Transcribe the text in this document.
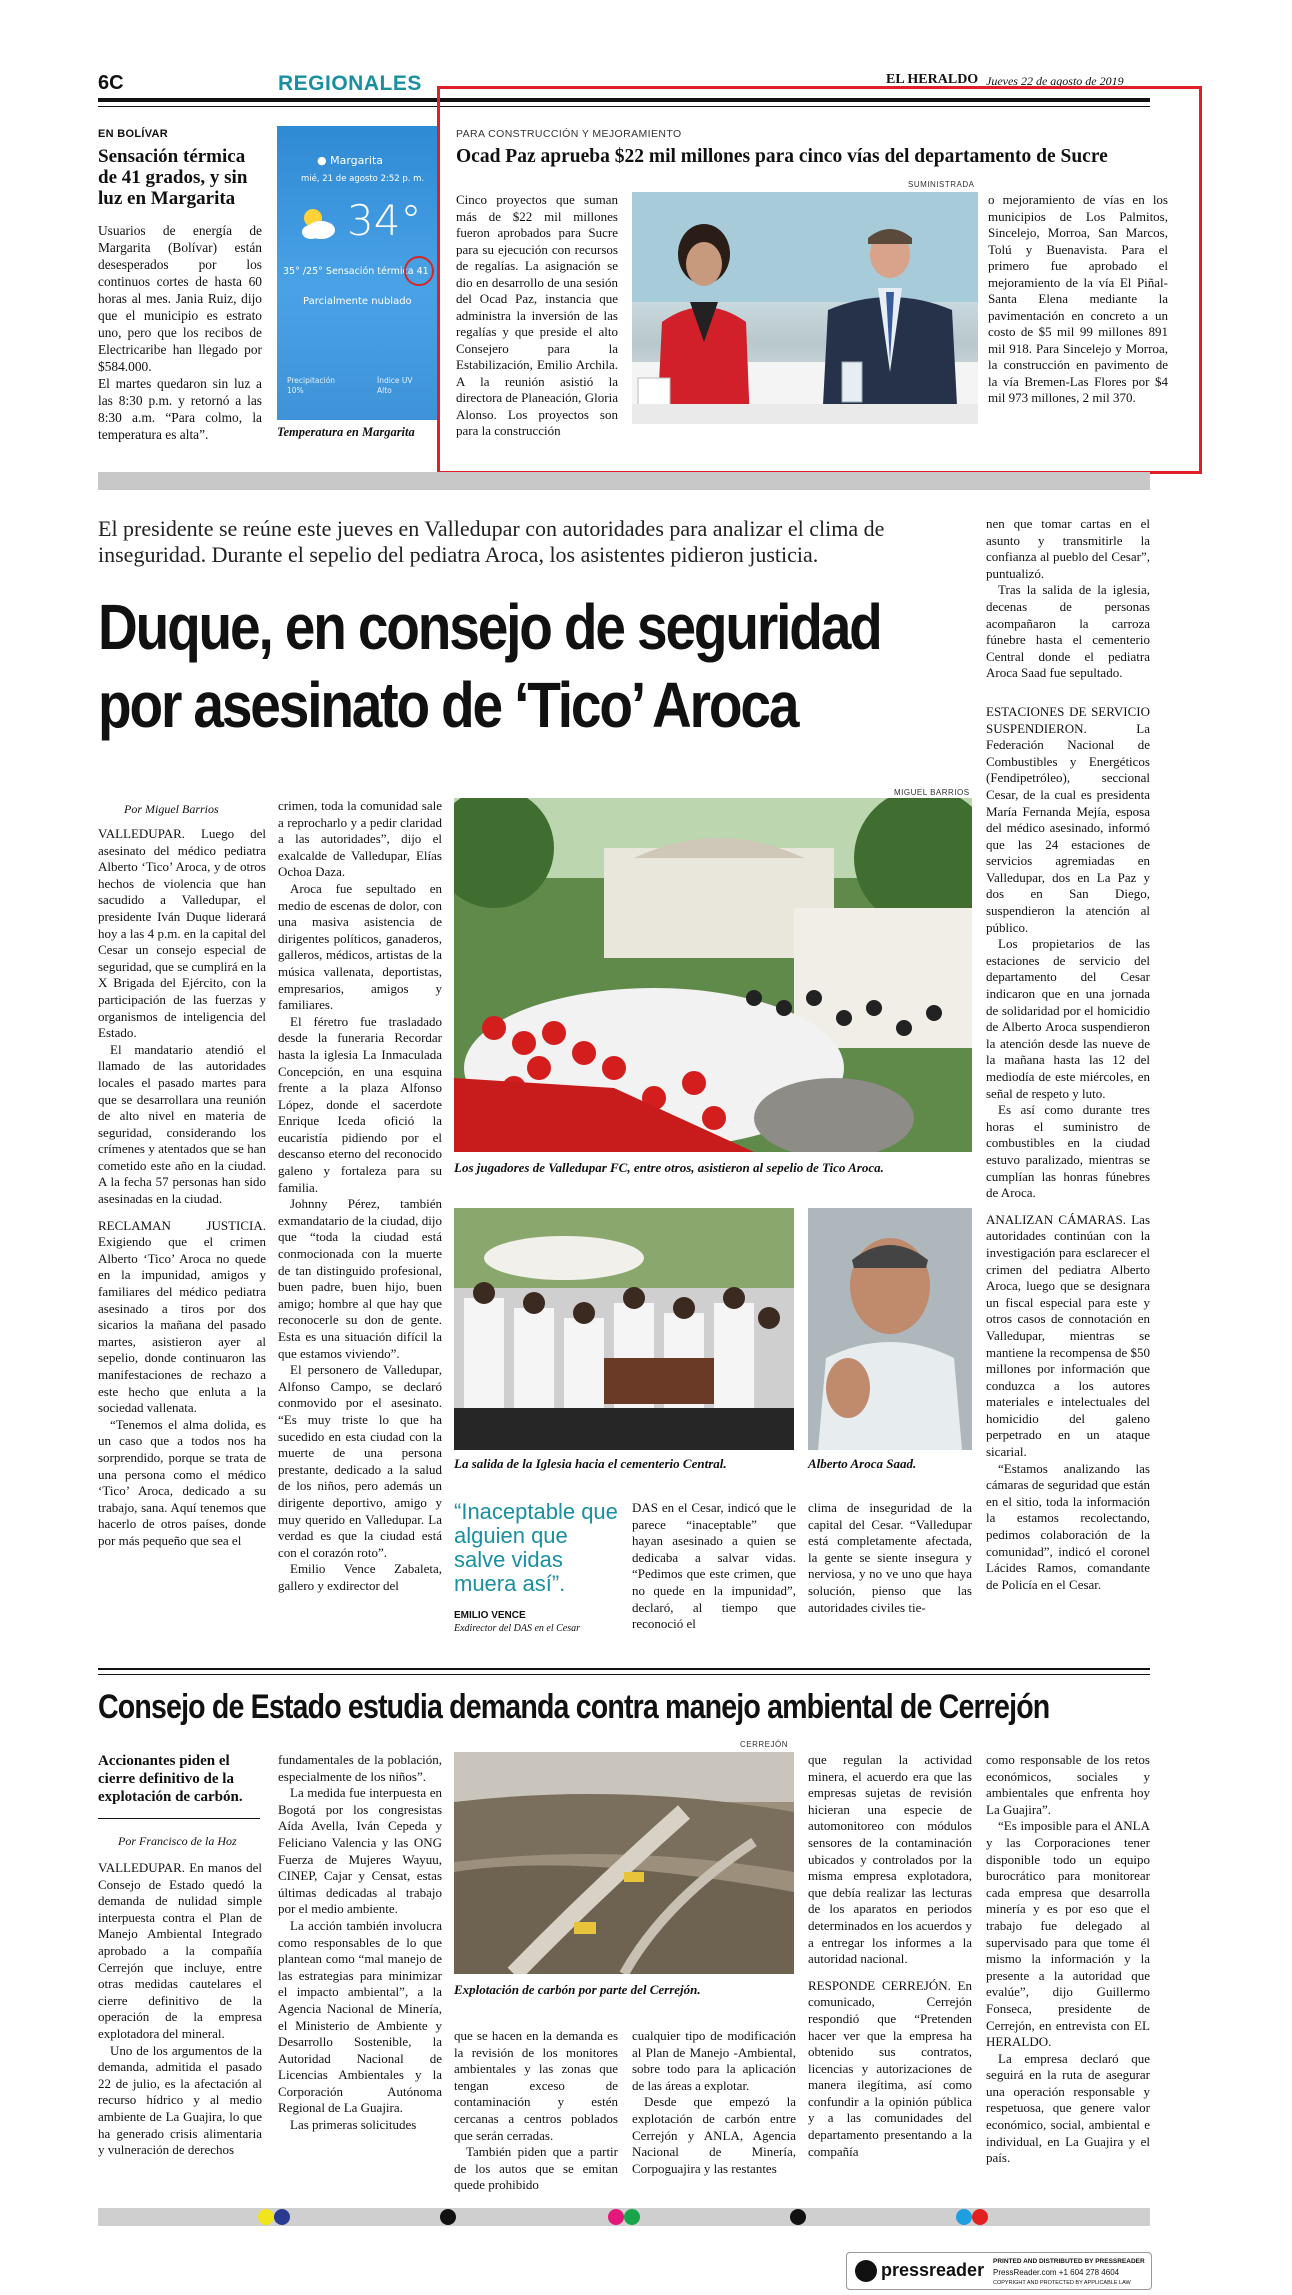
6C	REGIONALES	EL HERALDO Jueves 22 de agosto de 2019
EN BOLÍVAR
Sensación térmica de 41 grados, y sin luz en Margarita

Usuarios de energía de Margarita (Bolívar) están desesperados por los continuos cortes de hasta 60 horas al mes. Jania Ruiz, dijo que el municipio es estrato uno, pero que los recibos de Electricaribe han llegado por $584.000.

El martes quedaron sin luz a las 8:30 p.m. y retornó a las 8:30 a.m. “Para colmo, la temperatura es alta”.

● Margarita
mié, 21 de agosto 2:52 p. m.
34°
35° /25° Sensación térmica 41
Parcialmente nublado
Precipitación
10%
Índice UV
Alto
Temperatura en Margarita
PARA CONSTRUCCIÓN Y MEJORAMIENTO
Ocad Paz aprueba $22 mil millones para cinco vías del departamento de Sucre
SUMINISTRADA

Cinco proyectos que suman más de $22 mil millones fueron aprobados para Sucre para su ejecución con recursos de regalías. La asignación se dio en desarrollo de una sesión del Ocad Paz, instancia que administra la inversión de las regalías y que preside el alto Consejero para la Estabilización, Emilio Archila. A la reunión asistió la directora de Planeación, Gloria Alonso. Los proyectos son para la construcción

o mejoramiento de vías en los municipios de Los Palmitos, Sincelejo, Morroa, San Marcos, Tolú y Buenavista. Para el primero fue aprobado el mejoramiento de la vía El Piñal-Santa Elena mediante la pavimentación en concreto a un costo de $5 mil 99 millones 891 mil 918. Para Sincelejo y Morroa, la construcción en pavimento de la vía Bremen-Las Flores por $4 mil 973 millones, 2 mil 370.

El presidente se reúne este jueves en Valledupar con autoridades para analizar el clima de inseguridad. Durante el sepelio del pediatra Aroca, los asistentes pidieron justicia.
Duque, en consejo de seguridad
por asesinato de ‘Tico’ Aroca
Por Miguel Barrios

VALLEDUPAR. Luego del asesinato del médico pediatra Alberto ‘Tico’ Aroca, y de otros hechos de violencia que han sacudido a Valledupar, el presidente Iván Duque liderará hoy a las 4 p.m. en la capital del Cesar un consejo especial de seguridad, que se cumplirá en la X Brigada del Ejército, con la participación de las fuerzas y organismos de inteligencia del Estado.

El mandatario atendió el llamado de las autoridades locales el pasado martes para que se desarrollara una reunión de alto nivel en materia de seguridad, considerando los crímenes y atentados que se han cometido este año en la ciudad. A la fecha 57 personas han sido asesinadas en la ciudad.

RECLAMAN JUSTICIA. Exigiendo que el crimen Alberto ‘Tico’ Aroca no quede en la impunidad, amigos y familiares del médico pediatra asesinado a tiros por dos sicarios la mañana del pasado martes, asistieron ayer al sepelio, donde continuaron las manifestaciones de rechazo a este hecho que enluta a la sociedad vallenata.

“Tenemos el alma dolida, es un caso que a todos nos ha sorprendido, porque se trata de una persona como el médico ‘Tico’ Aroca, dedicado a su trabajo, sana. Aquí tenemos que hacerlo de otros países, donde por más pequeño que sea el

crimen, toda la comunidad sale a reprocharlo y a pedir claridad a las autoridades”, dijo el exalcalde de Valledupar, Elías Ochoa Daza.

Aroca fue sepultado en medio de escenas de dolor, con una masiva asistencia de dirigentes políticos, ganaderos, galleros, médicos, artistas de la música vallenata, deportistas, empresarios, amigos y familiares.

El féretro fue trasladado desde la funeraria Recordar hasta la iglesia La Inmaculada Concepción, en una esquina frente a la plaza Alfonso López, donde el sacerdote Enrique Iceda ofició la eucaristía pidiendo por el descanso eterno del reconocido galeno y fortaleza para su familia.

Johnny Pérez, también exmandatario de la ciudad, dijo que “toda la ciudad está conmocionada con la muerte de tan distinguido profesional, buen padre, buen hijo, buen amigo; hombre al que hay que reconocerle su don de gente. Esta es una situación difícil la que estamos viviendo”.

El personero de Valledupar, Alfonso Campo, se declaró conmovido por el asesinato. “Es muy triste lo que ha sucedido en esta ciudad con la muerte de una persona prestante, dedicado a la salud de los niños, pero además un dirigente deportivo, amigo y muy querido en Valledupar. La verdad es que la ciudad está con el corazón roto”.

Emilio Vence Zabaleta, gallero y exdirector del

MIGUEL BARRIOS
Los jugadores de Valledupar FC, entre otros, asistieron al sepelio de Tico Aroca.
La salida de la Iglesia hacia el cementerio Central.	Alberto Aroca Saad.
“Inaceptable que alguien que salve vidas muera así”.
EMILIO VENCE
Exdirector del DAS en el Cesar

DAS en el Cesar, indicó que le parece “inaceptable” que hayan asesinado a quien se dedicaba a salvar vidas. “Pedimos que este crimen, que no quede en la impunidad”, declaró, al tiempo que reconoció el

clima de inseguridad de la capital del Cesar. “Valledupar está completamente afectada, la gente se siente insegura y nerviosa, y no ve uno que haya solución, pienso que las autoridades civiles tie-

nen que tomar cartas en el asunto y transmitirle la confianza al pueblo del Cesar”, puntualizó.

Tras la salida de la iglesia, decenas de personas acompañaron la carroza fúnebre hasta el cementerio Central donde el pediatra Aroca Saad fue sepultado.

ESTACIONES DE SERVICIO SUSPENDIERON. La Federación Nacional de Combustibles y Energéticos (Fendipetróleo), seccional Cesar, de la cual es presidenta María Fernanda Mejía, esposa del médico asesinado, informó que las 24 estaciones de servicios agremiadas en Valledupar, dos en La Paz y dos en San Diego, suspendieron la atención al público.

Los propietarios de las estaciones de servicio del departamento del Cesar indicaron que en una jornada de solidaridad por el homicidio de Alberto Aroca suspendieron la atención desde las nueve de la mañana hasta las 12 del mediodía de este miércoles, en señal de respeto y luto.

Es así como durante tres horas el suministro de combustibles en la ciudad estuvo paralizado, mientras se cumplían las honras fúnebres de Aroca.

ANALIZAN CÁMARAS. Las autoridades continúan con la investigación para esclarecer el crimen del pediatra Alberto Aroca, luego que se designara un fiscal especial para este y otros casos de connotación en Valledupar, mientras se mantiene la recompensa de $50 millones por información que conduzca a los autores materiales e intelectuales del homicidio del galeno perpetrado en un ataque sicarial.

“Estamos analizando las cámaras de seguridad que están en el sitio, toda la información la estamos recolectando, pedimos colaboración de la comunidad”, indicó el coronel Lácides Ramos, comandante de Policía en el Cesar.

Consejo de Estado estudia demanda contra manejo ambiental de Cerrejón
Accionantes piden el cierre definitivo de la explotación de carbón.
Por Francisco de la Hoz

VALLEDUPAR. En manos del Consejo de Estado quedó la demanda de nulidad simple interpuesta contra el Plan de Manejo Ambiental Integrado aprobado a la compañía Cerrejón que incluye, entre otras medidas cautelares el cierre definitivo de la operación de la empresa explotadora del mineral.

Uno de los argumentos de la demanda, admitida el pasado 22 de julio, es la afectación al recurso hídrico y al medio ambiente de La Guajira, lo que ha generado crisis alimentaria y vulneración de derechos

fundamentales de la población, especialmente de los niños”.

La medida fue interpuesta en Bogotá por los congresistas Aída Avella, Iván Cepeda y Feliciano Valencia y las ONG Fuerza de Mujeres Wayuu, CINEP, Cajar y Censat, estas últimas dedicadas al trabajo por el medio ambiente.

La acción también involucra como responsables de lo que plantean como “mal manejo de las estrategias para minimizar el impacto ambiental”, a la Agencia Nacional de Minería, el Ministerio de Ambiente y Desarrollo Sostenible, la Autoridad Nacional de Licencias Ambientales y la Corporación Autónoma Regional de La Guajira.

Las primeras solicitudes

CERREJÓN
Explotación de carbón por parte del Cerrejón.

que se hacen en la demanda es la revisión de los monitores ambientales y las zonas que tengan exceso de contaminación y estén cercanas a centros poblados que serán cerradas.

También piden que a partir de los autos que se emitan quede prohibido

cualquier tipo de modificación al Plan de Manejo -Ambiental, sobre todo para la aplicación de las áreas a explotar.

Desde que empezó la explotación de carbón entre Cerrejón y ANLA, Agencia Nacional de Minería, Corpoguajira y las restantes

que regulan la actividad minera, el acuerdo era que las empresas sujetas de revisión hicieran una especie de automonitoreo con módulos sensores de la contaminación ubicados y controlados por la misma empresa explotadora, que debía realizar las lecturas de los aparatos en periodos determinados en los acuerdos y a entregar los informes a la autoridad nacional.

RESPONDE CERREJÓN. En comunicado, Cerrejón respondió que “Pretenden hacer ver que la empresa ha obtenido sus contratos, licencias y autorizaciones de manera ilegítima, así como confundir a la opinión pública y a las comunidades del departamento presentando a la compañía

como responsable de los retos económicos, sociales y ambientales que enfrenta hoy La Guajira”.

“Es imposible para el ANLA y las Corporaciones tener disponible todo un equipo burocrático para monitorear cada empresa que desarrolla minería y es por eso que el trabajo fue delegado al supervisado para que tome él mismo la información y la presente a la autoridad que evalúe”, dijo Guillermo Fonseca, presidente de Cerrejón, en entrevista con EL HERALDO.

La empresa declaró que seguirá en la ruta de asegurar una operación responsable y respetuosa, que genere valor económico, social, ambiental e individual, en La Guajira y el país.

pressreader PRINTED AND DISTRIBUTED BY PRESSREADER
PressReader.com +1 604 278 4604
COPYRIGHT AND PROTECTED BY APPLICABLE LAW
